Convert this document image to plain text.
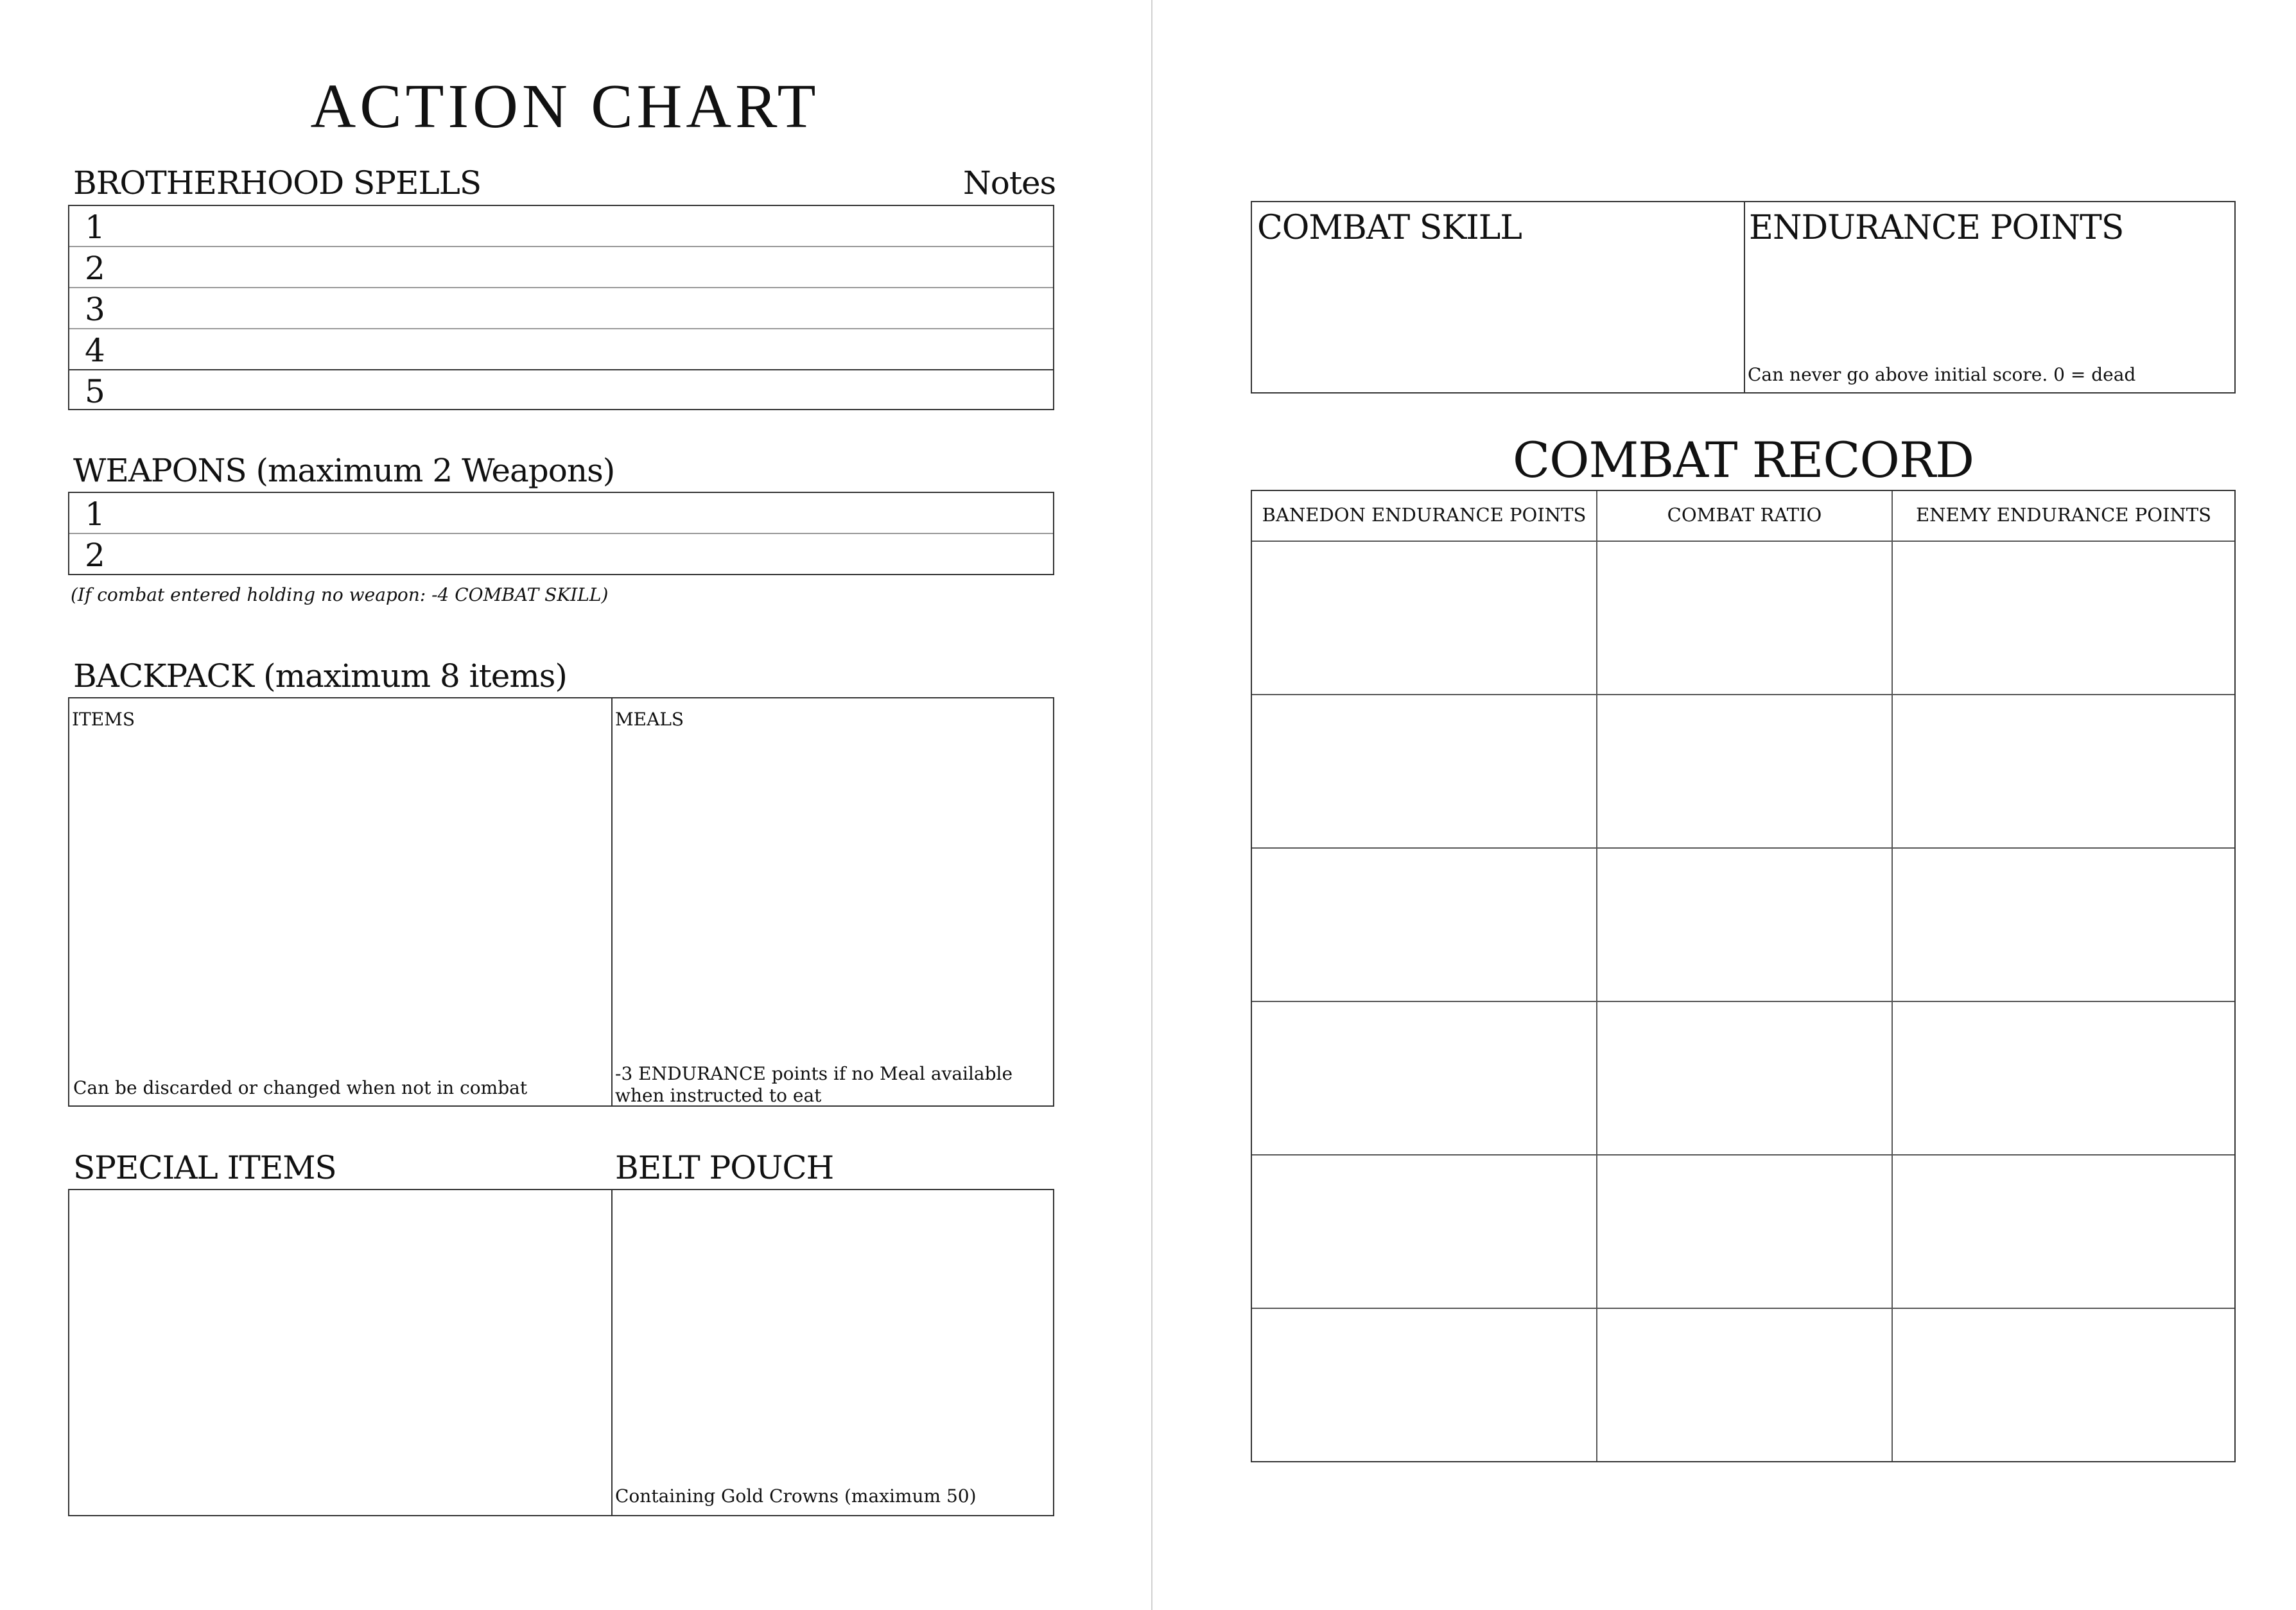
ACTION CHART
BROTHERHOOD SPELLS	Notes
1
2
3
4
5
WEAPONS (maximum 2 Weapons)
1
2
(If combat entered holding no weapon: -4 COMBAT SKILL)
BACKPACK (maximum 8 items)
ITEMS
Can be discarded or changed when not in combat
MEALS
-3 ENDURANCE points if no Meal available when instructed to eat
SPECIAL ITEMS	BELT POUCH
Containing Gold Crowns (maximum 50)
COMBAT SKILL	ENDURANCE POINTS
Can never go above initial score. 0 = dead
COMBAT RECORD
BANEDON ENDURANCE POINTS	COMBAT RATIO	ENEMY ENDURANCE POINTS
